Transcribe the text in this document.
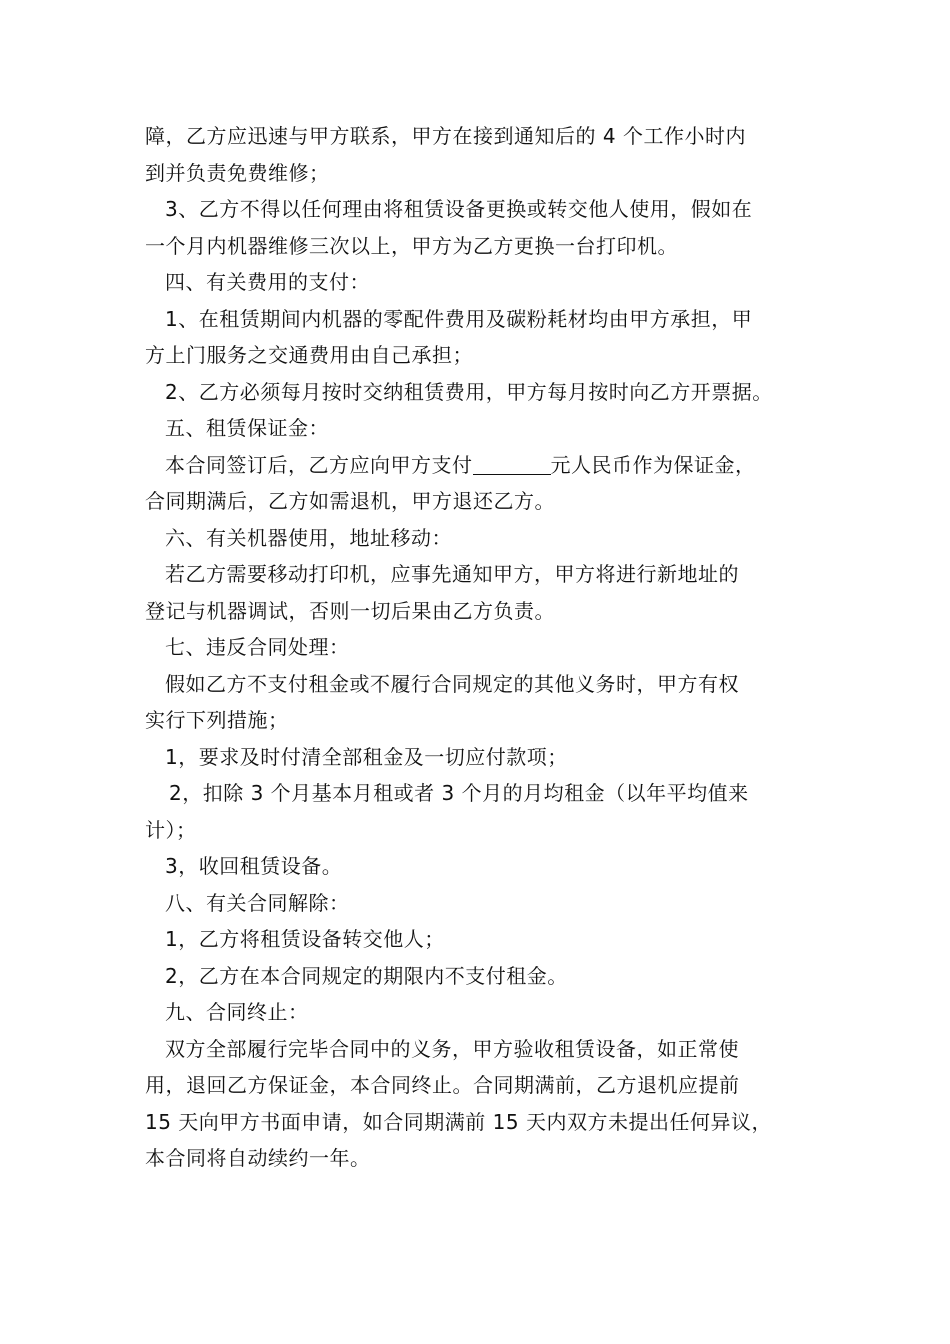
障，乙方应迅速与甲方联系，甲方在接到通知后的 4 个工作小时内
到并负责免费维修；
3、乙方不得以任何理由将租赁设备更换或转交他人使用，假如在
一个月内机器维修三次以上，甲方为乙方更换一台打印机。
四、有关费用的支付：
1、在租赁期间内机器的零配件费用及碳粉耗材均由甲方承担，甲
方上门服务之交通费用由自己承担；
2、乙方必须每月按时交纳租赁费用，甲方每月按时向乙方开票据。
五、租赁保证金：
本合同签订后，乙方应向甲方支付	元人民币作为保证金，
合同期满后，乙方如需退机，甲方退还乙方。
六、有关机器使用，地址移动：
若乙方需要移动打印机，应事先通知甲方，甲方将进行新地址的
登记与机器调试，否则一切后果由乙方负责。
七、违反合同处理：
假如乙方不支付租金或不履行合同规定的其他义务时，甲方有权
实行下列措施；
1，要求及时付清全部租金及一切应付款项；
2，扣除 3 个月基本月租或者 3 个月的月均租金（以年平均值来
计）；
3，收回租赁设备。
八、有关合同解除：
1，乙方将租赁设备转交他人；
2，乙方在本合同规定的期限内不支付租金。
九、合同终止：
双方全部履行完毕合同中的义务，甲方验收租赁设备，如正常使
用，退回乙方保证金，本合同终止。合同期满前，乙方退机应提前
15 天向甲方书面申请，如合同期满前 15 天内双方未提出任何异议，
本合同将自动续约一年。
